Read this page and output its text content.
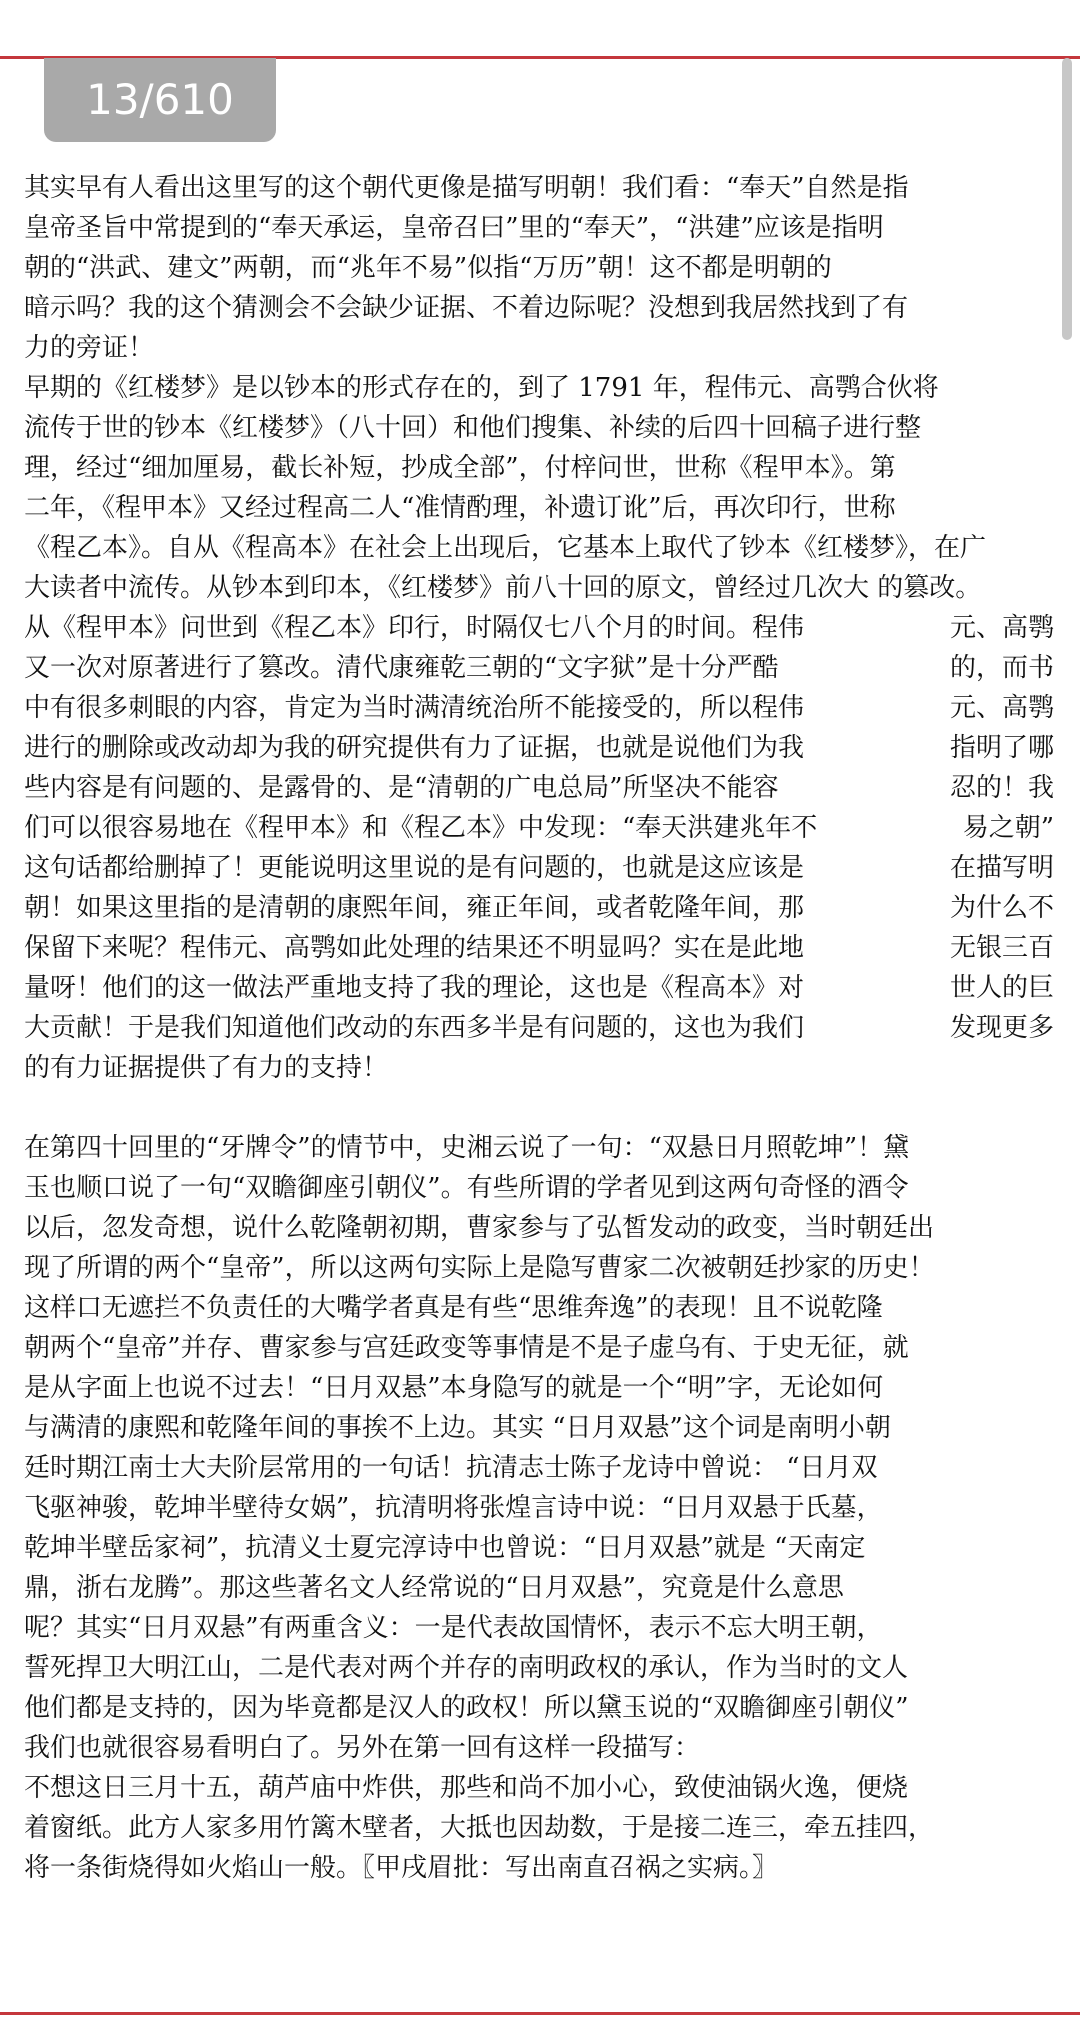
13/610
其实早有人看出这里写的这个朝代更像是描写明朝！我们看：“奉天”自然是指
皇帝圣旨中常提到的“奉天承运，皇帝召曰”里的“奉天”，“洪建”应该是指明
朝的“洪武、建文”两朝，而“兆年不易”似指“万历”朝！这不都是明朝的
暗示吗？我的这个猜测会不会缺少证据、不着边际呢？没想到我居然找到了有
力的旁证！
早期的《红楼梦》是以钞本的形式存在的，到了 1791 年，程伟元、高鹗合伙将
流传于世的钞本《红楼梦》（八十回）和他们搜集、补续的后四十回稿子进行整
理，经过“细加厘易，截长补短，抄成全部”，付梓问世，世称《程甲本》。第
二年，《程甲本》又经过程高二人“准情酌理，补遗订讹”后，再次印行，世称
《程乙本》。自从《程高本》在社会上出现后，它基本上取代了钞本《红楼梦》，在广
大读者中流传。从钞本到印本，《红楼梦》前八十回的原文，曾经过几次大 的篡改。
从《程甲本》问世到《程乙本》印行，时隔仅七八个月的时间。程伟	元、高鹗
又一次对原著进行了篡改。清代康雍乾三朝的“文字狱”是十分严酷	的，而书
中有很多刺眼的内容，肯定为当时满清统治所不能接受的，所以程伟	元、高鹗
进行的删除或改动却为我的研究提供有力了证据，也就是说他们为我	指明了哪
些内容是有问题的、是露骨的、是“清朝的广电总局”所坚决不能容	忍的！我
们可以很容易地在《程甲本》和《程乙本》中发现：“奉天洪建兆年不	易之朝”
这句话都给删掉了！更能说明这里说的是有问题的，也就是这应该是	在描写明
朝！如果这里指的是清朝的康熙年间，雍正年间，或者乾隆年间，那	为什么不
保留下来呢？程伟元、高鹗如此处理的结果还不明显吗？实在是此地	无银三百
量呀！他们的这一做法严重地支持了我的理论，这也是《程高本》对	世人的巨
大贡献！于是我们知道他们改动的东西多半是有问题的，这也为我们	发现更多
的有力证据提供了有力的支持！
在第四十回里的“牙牌令”的情节中，史湘云说了一句：“双悬日月照乾坤”！黛
玉也顺口说了一句“双瞻御座引朝仪”。有些所谓的学者见到这两句奇怪的酒令
以后，忽发奇想，说什么乾隆朝初期，曹家参与了弘皙发动的政变，当时朝廷出
现了所谓的两个“皇帝”，所以这两句实际上是隐写曹家二次被朝廷抄家的历史！
这样口无遮拦不负责任的大嘴学者真是有些“思维奔逸”的表现！且不说乾隆
朝两个“皇帝”并存、曹家参与宫廷政变等事情是不是子虚乌有、于史无征，就
是从字面上也说不过去！“日月双悬”本身隐写的就是一个“明”字，无论如何
与满清的康熙和乾隆年间的事挨不上边。其实 “日月双悬”这个词是南明小朝
廷时期江南士大夫阶层常用的一句话！抗清志士陈子龙诗中曾说： “日月双
飞驱神骏，乾坤半壁待女娲”，抗清明将张煌言诗中说：“日月双悬于氏墓，
乾坤半壁岳家祠”，抗清义士夏完淳诗中也曾说：“日月双悬”就是 “天南定
鼎，浙右龙腾”。那这些著名文人经常说的“日月双悬”，究竟是什么意思
呢？其实“日月双悬”有两重含义：一是代表故国情怀，表示不忘大明王朝，
誓死捍卫大明江山，二是代表对两个并存的南明政权的承认，作为当时的文人
他们都是支持的，因为毕竟都是汉人的政权！所以黛玉说的“双瞻御座引朝仪”
我们也就很容易看明白了。另外在第一回有这样一段描写：
不想这日三月十五，葫芦庙中炸供，那些和尚不加小心，致使油锅火逸，便烧
着窗纸。此方人家多用竹篱木壁者，大抵也因劫数，于是接二连三，牵五挂四，
将一条街烧得如火焰山一般。〖甲戌眉批：写出南直召祸之实病。〗
